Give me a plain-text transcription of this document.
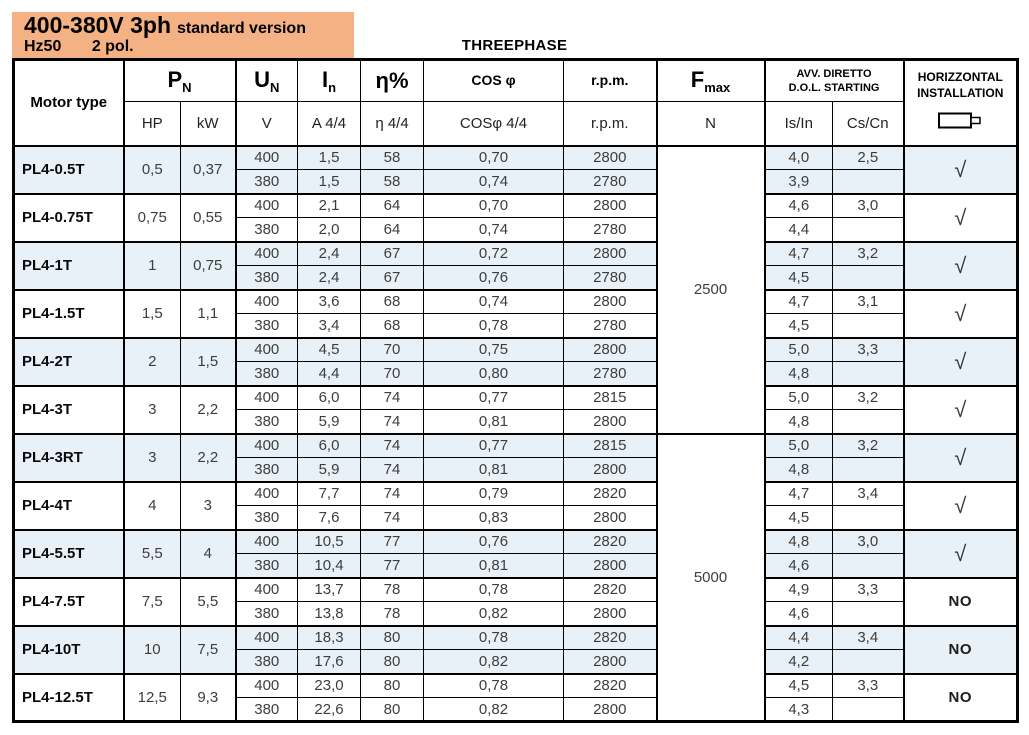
400-380V 3ph standard version
Hz50 2 pol.	THREEPHASE
Motor type	$P_N$	$U_N$	$I_n$	η%	COS φ	r.p.m.	$F_{max}$	
AVV. DIRETTO
D.O.L. STARTING

HORIZZONTAL
INSTALLATION

	HP	kW	V	A 4/4	η 4/4	COSφ 4/4	r.p.m.	N	Is/In	Cs/Cn	
PL4-0.5T	0,5	0,37	400	1,5	58	0,70	2800	2500	4,0	2,5	√
			380	1,5	58	0,74	2780		3,9		
PL4-0.75T	0,75	0,55	400	2,1	64	0,70	2800		4,6	3,0	√
			380	2,0	64	0,74	2780		4,4		
PL4-1T	1	0,75	400	2,4	67	0,72	2800		4,7	3,2	√
			380	2,4	67	0,76	2780		4,5		
PL4-1.5T	1,5	1,1	400	3,6	68	0,74	2800		4,7	3,1	√
			380	3,4	68	0,78	2780		4,5		
PL4-2T	2	1,5	400	4,5	70	0,75	2800		5,0	3,3	√
			380	4,4	70	0,80	2780		4,8		
PL4-3T	3	2,2	400	6,0	74	0,77	2815		5,0	3,2	√
			380	5,9	74	0,81	2800		4,8		
PL4-3RT	3	2,2	400	6,0	74	0,77	2815	5000	5,0	3,2	√
			380	5,9	74	0,81	2800		4,8		
PL4-4T	4	3	400	7,7	74	0,79	2820		4,7	3,4	√
			380	7,6	74	0,83	2800		4,5		
PL4-5.5T	5,5	4	400	10,5	77	0,76	2820		4,8	3,0	√
			380	10,4	77	0,81	2800		4,6		
PL4-7.5T	7,5	5,5	400	13,7	78	0,78	2820		4,9	3,3	NO
			380	13,8	78	0,82	2800		4,6		
PL4-10T	10	7,5	400	18,3	80	0,78	2820		4,4	3,4	NO
			380	17,6	80	0,82	2800		4,2		
PL4-12.5T	12,5	9,3	400	23,0	80	0,78	2820		4,5	3,3	NO
			380	22,6	80	0,82	2800		4,3		
